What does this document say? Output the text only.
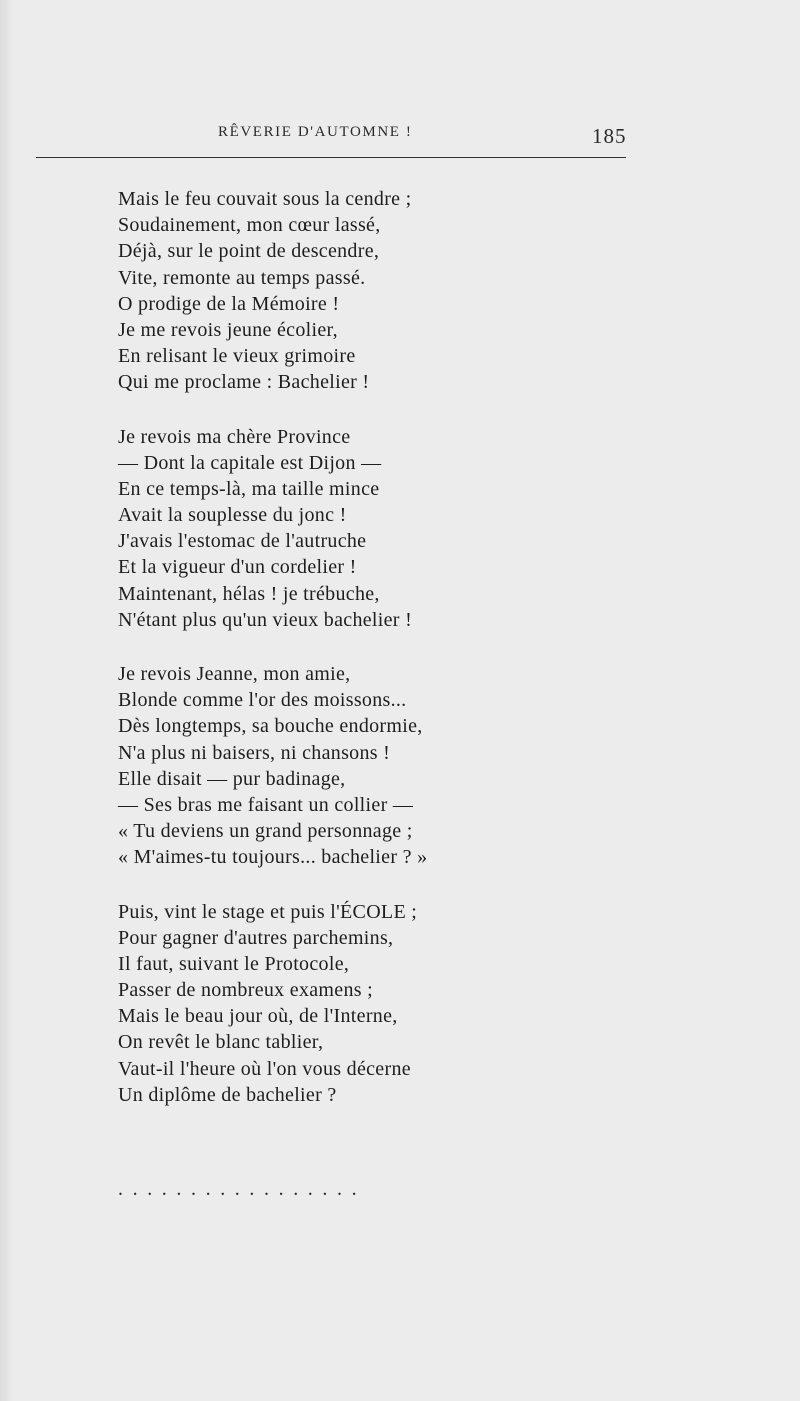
RÊVERIE D'AUTOMNE !	185
Mais le feu couvait sous la cendre ;
Soudainement, mon cœur lassé,
Déjà, sur le point de descendre,
Vite, remonte au temps passé.
O prodige de la Mémoire !
Je me revois jeune écolier,
En relisant le vieux grimoire
Qui me proclame : Bachelier !
Je revois ma chère Province
— Dont la capitale est Dijon —
En ce temps-là, ma taille mince
Avait la souplesse du jonc !
J'avais l'estomac de l'autruche
Et la vigueur d'un cordelier !
Maintenant, hélas ! je trébuche,
N'étant plus qu'un vieux bachelier !
Je revois Jeanne, mon amie,
Blonde comme l'or des moissons...
Dès longtemps, sa bouche endormie,
N'a plus ni baisers, ni chansons !
Elle disait — pur badinage,
— Ses bras me faisant un collier —
« Tu deviens un grand personnage ;
« M'aimes-tu toujours... bachelier ? »
Puis, vint le stage et puis l'ÉCOLE ;
Pour gagner d'autres parchemins,
Il faut, suivant le Protocole,
Passer de nombreux examens ;
Mais le beau jour où, de l'Interne,
On revêt le blanc tablier,
Vaut-il l'heure où l'on vous décerne
Un diplôme de bachelier ?
.................
